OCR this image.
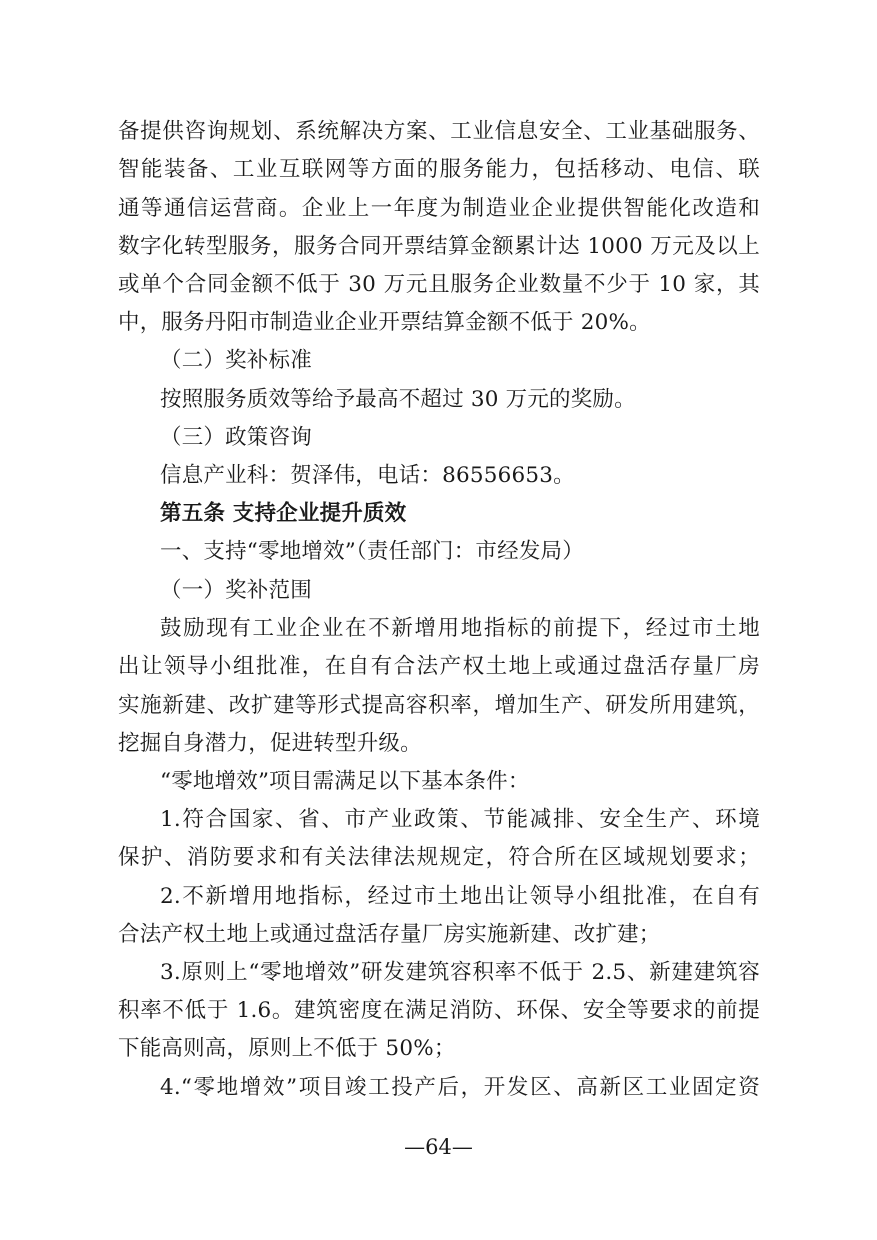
备提供咨询规划、系统解决方案、工业信息安全、工业基础服务、
智能装备、工业互联网等方面的服务能力，包括移动、电信、联
通等通信运营商。企业上一年度为制造业企业提供智能化改造和
数字化转型服务，服务合同开票结算金额累计达 1000 万元及以上
或单个合同金额不低于 30 万元且服务企业数量不少于 10 家，其
中，服务丹阳市制造业企业开票结算金额不低于 20%。
（二）奖补标准
按照服务质效等给予最高不超过 30 万元的奖励。
（三）政策咨询
信息产业科：贺泽伟，电话：86556653。
第五条 支持企业提升质效
一、支持“零地增效”（责任部门：市经发局）
（一）奖补范围
鼓励现有工业企业在不新增用地指标的前提下，经过市土地
出让领导小组批准，在自有合法产权土地上或通过盘活存量厂房
实施新建、改扩建等形式提高容积率，增加生产、研发所用建筑，
挖掘自身潜力，促进转型升级。
“零地增效”项目需满足以下基本条件：
1.符合国家、省、市产业政策、节能减排、安全生产、环境
保护、消防要求和有关法律法规规定，符合所在区域规划要求；
2.不新增用地指标，经过市土地出让领导小组批准，在自有
合法产权土地上或通过盘活存量厂房实施新建、改扩建；
3.原则上“零地增效”研发建筑容积率不低于 2.5、新建建筑容
积率不低于 1.6。建筑密度在满足消防、环保、安全等要求的前提
下能高则高，原则上不低于 50%；
4.“零地增效”项目竣工投产后，开发区、高新区工业固定资
—64—
